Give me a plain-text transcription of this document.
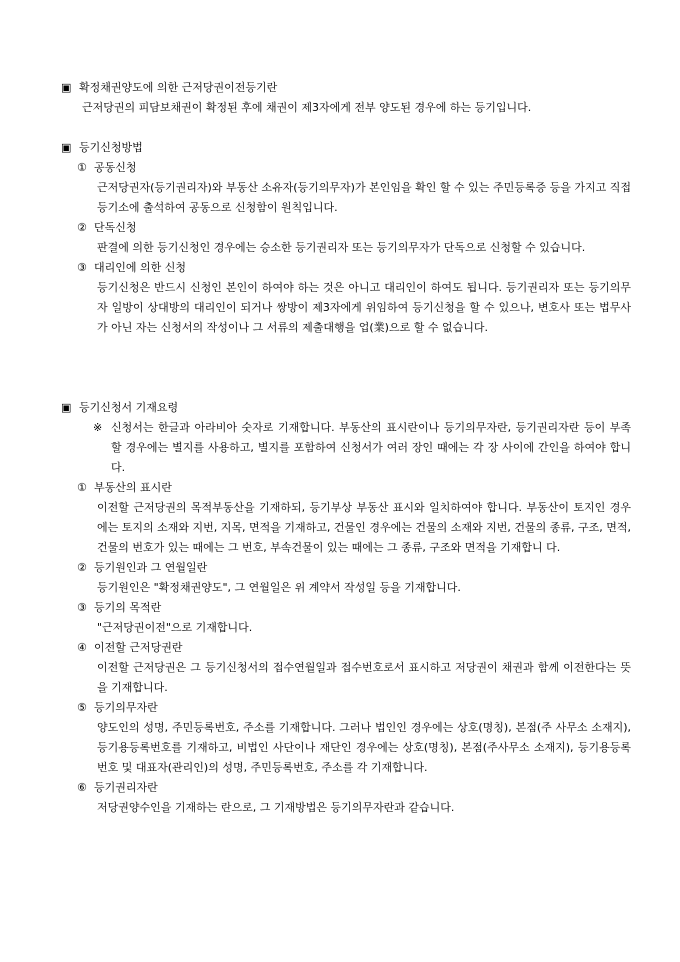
▣ 확정채권양도에 의한 근저당권이전등기란
근저당권의 피담보채권이 확정된 후에 채권이 제3자에게 전부 양도된 경우에 하는 등기입니다.
▣ 등기신청방법
① 공동신청
근저당권자(등기권리자)와 부동산 소유자(등기의무자)가 본인임을 확인 할 수 있는 주민등록증 등을 가지고 직접 등기소에 출석하여 공동으로 신청함이 원칙입니다.
② 단독신청
판결에 의한 등기신청인 경우에는 승소한 등기권리자 또는 등기의무자가 단독으로 신청할 수 있습니다.
③ 대리인에 의한 신청
등기신청은 반드시 신청인 본인이 하여야 하는 것은 아니고 대리인이 하여도 됩니다. 등기권리자 또는 등기의무자 일방이 상대방의 대리인이 되거나 쌍방이 제3자에게 위임하여 등기신청을 할 수 있으나, 변호사 또는 법무사가 아닌 자는 신청서의 작성이나 그 서류의 제출대행을 업(業)으로 할 수 없습니다.
▣ 등기신청서 기재요령
※ 신청서는 한글과 아라비아 숫자로 기재합니다. 부동산의 표시란이나 등기의무자란, 등기권리자란 등이 부족할 경우에는 별지를 사용하고, 별지를 포함하여 신청서가 여러 장인 때에는 각 장 사이에 간인을 하여야 합니다.
① 부동산의 표시란
이전할 근저당권의 목적부동산을 기재하되, 등기부상 부동산 표시와 일치하여야 합니다. 부동산이 토지인 경우에는 토지의 소재와 지번, 지목, 면적을 기재하고, 건물인 경우에는 건물의 소재와 지번, 건물의 종류, 구조, 면적, 건물의 번호가 있는 때에는 그 번호, 부속건물이 있는 때에는 그 종류, 구조와 면적을 기재합니 다.
② 등기원인과 그 연월일란
등기원인은 "확정채권양도", 그 연월일은 위 계약서 작성일 등을 기재합니다.
③ 등기의 목적란
"근저당권이전"으로 기재합니다.
④ 이전할 근저당권란
이전할 근저당권은 그 등기신청서의 접수연월일과 접수번호로서 표시하고 저당권이 채권과 함께 이전한다는 뜻을 기재합니다.
⑤ 등기의무자란
양도인의 성명, 주민등록번호, 주소를 기재합니다. 그러나 법인인 경우에는 상호(명칭), 본점(주 사무소 소재지), 등기용등록번호를 기재하고, 비법인 사단이나 재단인 경우에는 상호(명칭), 본점(주사무소 소재지), 등기용등록번호 및 대표자(관리인)의 성명, 주민등록번호, 주소를 각 기재합니다.
⑥ 등기권리자란
저당권양수인을 기재하는 란으로, 그 기재방법은 등기의무자란과 같습니다.
